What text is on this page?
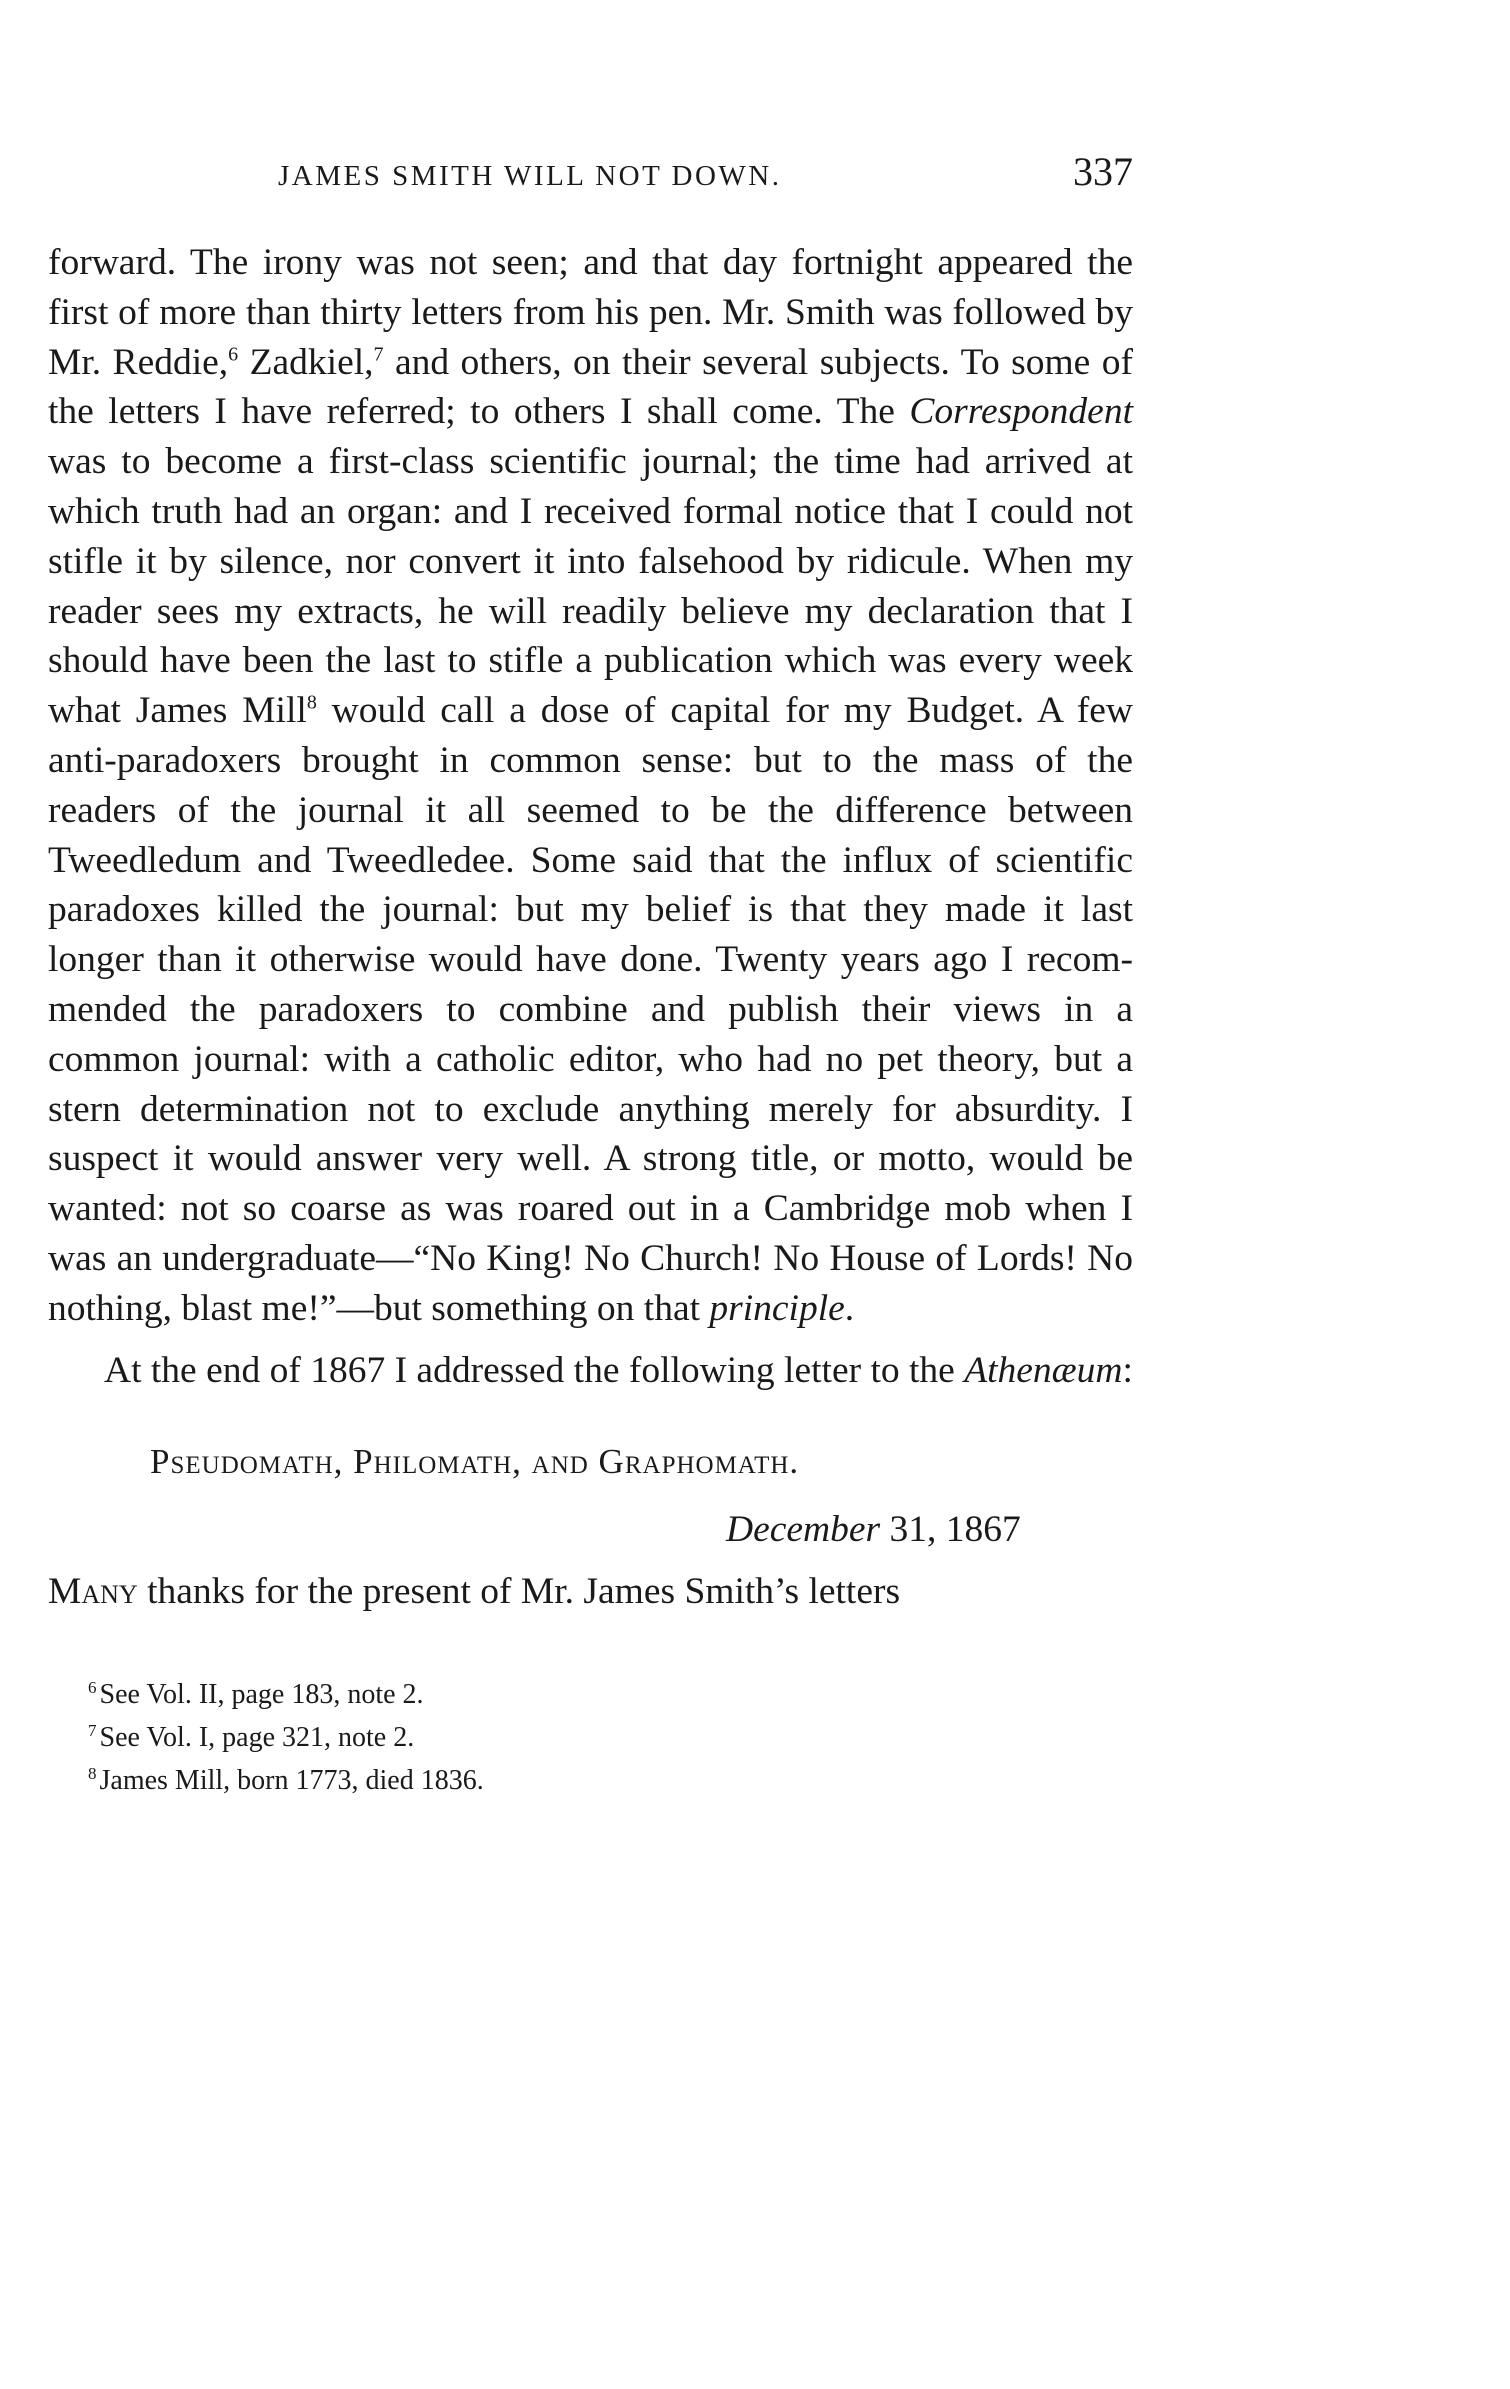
JAMES SMITH WILL NOT DOWN.	337

forward. The irony was not seen; and that day fortnight appeared the first of more than thirty letters from his pen. Mr. Smith was followed by Mr. Reddie,$^6$ Zadkiel,$^7$ and others, on their several subjects. To some of the letters I have referred; to others I shall come. The Correspondent was to become a first-class scientific journal; the time had arrived at which truth had an organ: and I received formal notice that I could not stifle it by silence, nor convert it into falsehood by ridicule. When my reader sees my extracts, he will readily believe my declaration that I should have been the last to stifle a publication which was every week what James Mill$^8$ would call a dose of capital for my Budget. A few anti-paradoxers brought in common sense: but to the mass of the readers of the journal it all seemed to be the difference between Tweedledum and Tweedledee. Some said that the influx of scientific paradoxes killed the journal: but my belief is that they made it last longer than it otherwise would have done. Twenty years ago I recommended the paradoxers to combine and publish their views in a common journal: with a catholic editor, who had no pet theory, but a stern determination not to exclude anything merely for absurdity. I suspect it would answer very well. A strong title, or motto, would be wanted: not so coarse as was roared out in a Cambridge mob when I was an undergraduate—“No King! No Church! No House of Lords! No nothing, blast me!”—but something on that principle.

At the end of 1867 I addressed the following letter to the Athenæum:

Pseudomath, Philomath, and Graphomath.
December 31, 1867
Many thanks for the present of Mr. James Smith’s letters

$^6$ See Vol. II, page 183, note 2.

$^7$ See Vol. I, page 321, note 2.

$^8$ James Mill, born 1773, died 1836.
